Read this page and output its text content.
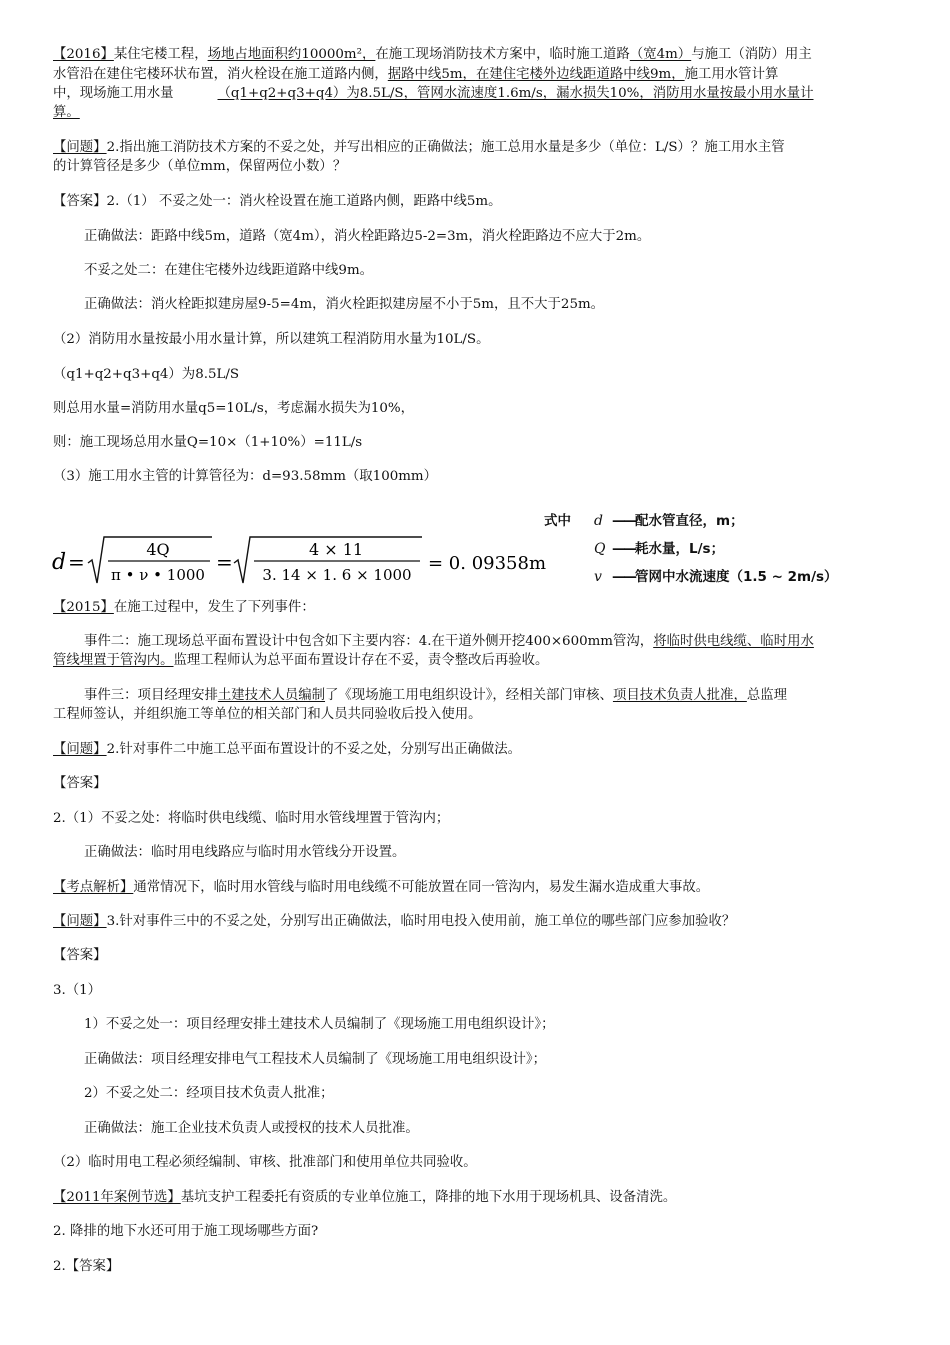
【2016】某住宅楼工程，场地占地面积约10000m²，在施工现场消防技术方案中，临时施工道路（宽4m）与施工（消防）用主
水管沿在建住宅楼环状布置，消火栓设在施工道路内侧，据路中线5m，在建住宅楼外边线距道路中线9m，施工用水管计算
中，现场施工用水量	（q1+q2+q3+q4）为8.5L/S，管网水流速度1.6m/s，漏水损失10%，消防用水量按最小用水量计
算。
【问题】2.指出施工消防技术方案的不妥之处，并写出相应的正确做法；施工总用水量是多少（单位：L/S）？施工用水主管
的计算管径是多少（单位mm，保留两位小数）？
【答案】2.（1） 不妥之处一：消火栓设置在施工道路内侧，距路中线5m。
正确做法：距路中线5m，道路（宽4m），消火栓距路边5-2=3m，消火栓距路边不应大于2m。
不妥之处二：在建住宅楼外边线距道路中线9m。
正确做法：消火栓距拟建房屋9-5=4m，消火栓距拟建房屋不小于5m，且不大于25m。
（2）消防用水量按最小用水量计算，所以建筑工程消防用水量为10L/S。
（q1+q2+q3+q4）为8.5L/S
则总用水量=消防用水量q5=10L/s，考虑漏水损失为10%，
则：施工现场总用水量Q=10×（1+10%）=11L/s
（3）施工用水主管的计算管径为：d=93.58mm（取100mm）
d =
4Q
π • ν • 1000
=
4 × 11
3. 14 × 1. 6 × 1000
= 0. 09358m
式中 d ——配水管直径，m；
Q ——耗水量，L/s；
v ——管网中水流速度（1.5 ~ 2m/s）
【2015】在施工过程中，发生了下列事件：
事件二：施工现场总平面布置设计中包含如下主要内容：4.在干道外侧开挖400×600mm管沟，将临时供电线缆、临时用水
管线埋置于管沟内。监理工程师认为总平面布置设计存在不妥，责令整改后再验收。
事件三：项目经理安排土建技术人员编制了《现场施工用电组织设计》，经相关部门审核、项目技术负责人批准，总监理
工程师签认，并组织施工等单位的相关部门和人员共同验收后投入使用。
【问题】2.针对事件二中施工总平面布置设计的不妥之处，分别写出正确做法。
【答案】
2.（1）不妥之处：将临时供电线缆、临时用水管线埋置于管沟内；
正确做法：临时用电线路应与临时用水管线分开设置。
【考点解析】通常情况下，临时用水管线与临时用电线缆不可能放置在同一管沟内，易发生漏水造成重大事故。
【问题】3.针对事件三中的不妥之处，分别写出正确做法，临时用电投入使用前，施工单位的哪些部门应参加验收？
【答案】
3.（1）
1）不妥之处一：项目经理安排土建技术人员编制了《现场施工用电组织设计》；
正确做法：项目经理安排电气工程技术人员编制了《现场施工用电组织设计》；
2）不妥之处二：经项目技术负责人批准；
正确做法：施工企业技术负责人或授权的技术人员批准。
（2）临时用电工程必须经编制、审核、批准部门和使用单位共同验收。
【2011年案例节选】基坑支护工程委托有资质的专业单位施工，降排的地下水用于现场机具、设备清洗。
2. 降排的地下水还可用于施工现场哪些方面?
2.【答案】
